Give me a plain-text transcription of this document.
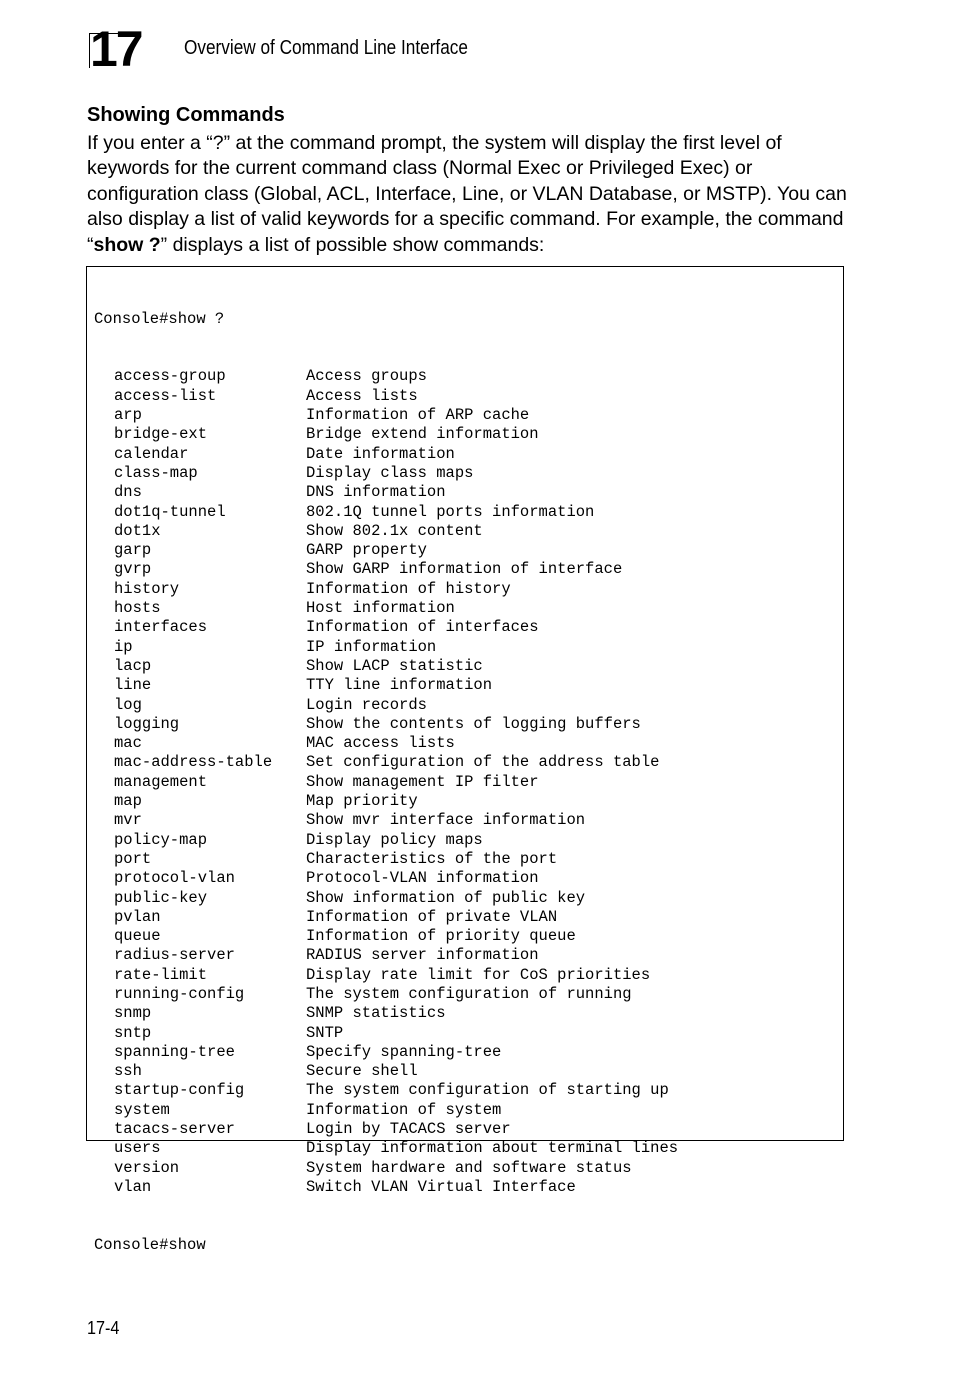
17 Overview of Command Line Interface
Showing Commands

If you enter a “?” at the command prompt, the system will display the first level of keywords for the current command class (Normal Exec or Privileged Exec) or configuration class (Global, ACL, Interface, Line, or VLAN Database, or MSTP). You can also display a list of valid keywords for a specific command. For example, the command “show ?” displays a list of possible show commands:

Console#show ?

access-group	Access groups
access-list	Access lists
arp	Information of ARP cache
bridge-ext	Bridge extend information
calendar	Date information
class-map	Display class maps
dns	DNS information
dot1q-tunnel	802.1Q tunnel ports information
dot1x	Show 802.1x content
garp	GARP property
gvrp	Show GARP information of interface
history	Information of history
hosts	Host information
interfaces	Information of interfaces
ip	IP information
lacp	Show LACP statistic
line	TTY line information
log	Login records
logging	Show the contents of logging buffers
mac	MAC access lists
mac-address-table Set configuration of the address table
management	Show management IP filter
map	Map priority
mvr	Show mvr interface information
policy-map	Display policy maps
port	Characteristics of the port
protocol-vlan	Protocol-VLAN information
public-key	Show information of public key
pvlan	Information of private VLAN
queue	Information of priority queue
radius-server	RADIUS server information
rate-limit	Display rate limit for CoS priorities
running-config	The system configuration of running
snmp	SNMP statistics
sntp	SNTP
spanning-tree	Specify spanning-tree
ssh	Secure shell
startup-config	The system configuration of starting up
system	Information of system
tacacs-server	Login by TACACS server
users	Display information about terminal lines
version	System hardware and software status
vlan	Switch VLAN Virtual Interface

Console#show

17-4
